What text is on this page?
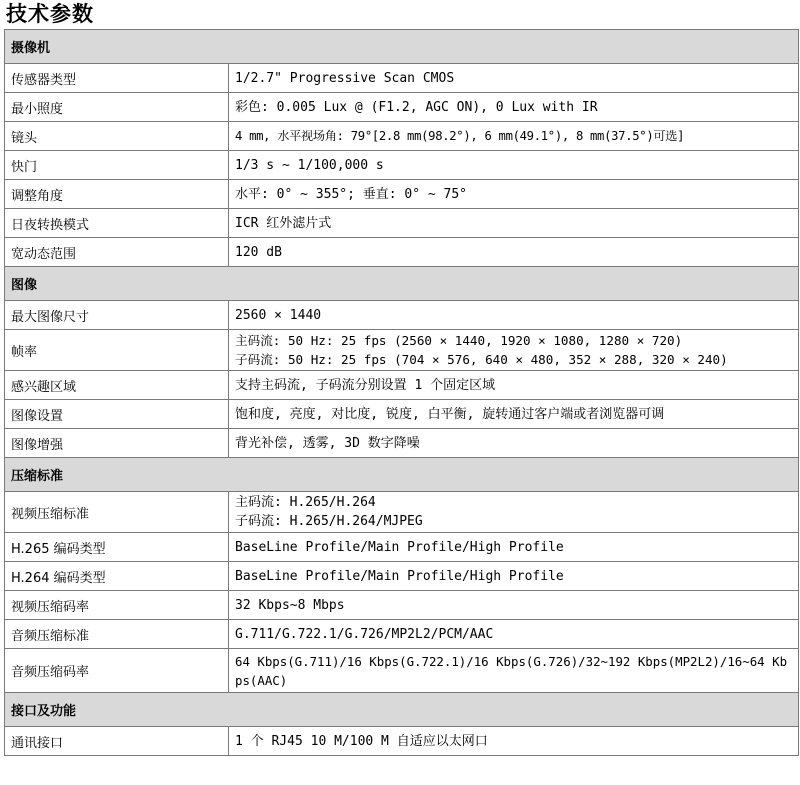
技术参数
摄像机	
传感器类型	1/2.7" Progressive Scan CMOS

最小照度	彩色: 0.005 Lux @ (F1.2, AGC ON), 0 Lux with IR

镜头	4 mm, 水平视场角: 79°[2.8 mm(98.2°), 6 mm(49.1°), 8 mm(37.5°)可选]

快门	1/3 s ~ 1/100,000 s

调整角度	水平: 0° ~ 355°; 垂直: 0° ~ 75°

日夜转换模式	ICR 红外滤片式

宽动态范围	120 dB

图像	
最大图像尺寸	2560 × 1440

帧率	主码流: 50 Hz: 25 fps (2560 × 1440, 1920 × 1080, 1280 × 720)
子码流: 50 Hz: 25 fps (704 × 576, 640 × 480, 352 × 288, 320 × 240)

感兴趣区域	支持主码流, 子码流分别设置 1 个固定区域

图像设置	饱和度, 亮度, 对比度, 锐度, 白平衡, 旋转通过客户端或者浏览器可调

图像增强	背光补偿, 透雾, 3D 数字降噪

压缩标准	
视频压缩标准	主码流: H.265/H.264
子码流: H.265/H.264/MJPEG

H.265 编码类型	BaseLine Profile/Main Profile/High Profile

H.264 编码类型	BaseLine Profile/Main Profile/High Profile

视频压缩码率	32 Kbps~8 Mbps

音频压缩标准	G.711/G.722.1/G.726/MP2L2/PCM/AAC

音频压缩码率	64 Kbps(G.711)/16 Kbps(G.722.1)/16 Kbps(G.726)/32~192 Kbps(MP2L2)/16~64 Kbps(AAC)

接口及功能	
通讯接口	1 个 RJ45 10 M/100 M 自适应以太网口
